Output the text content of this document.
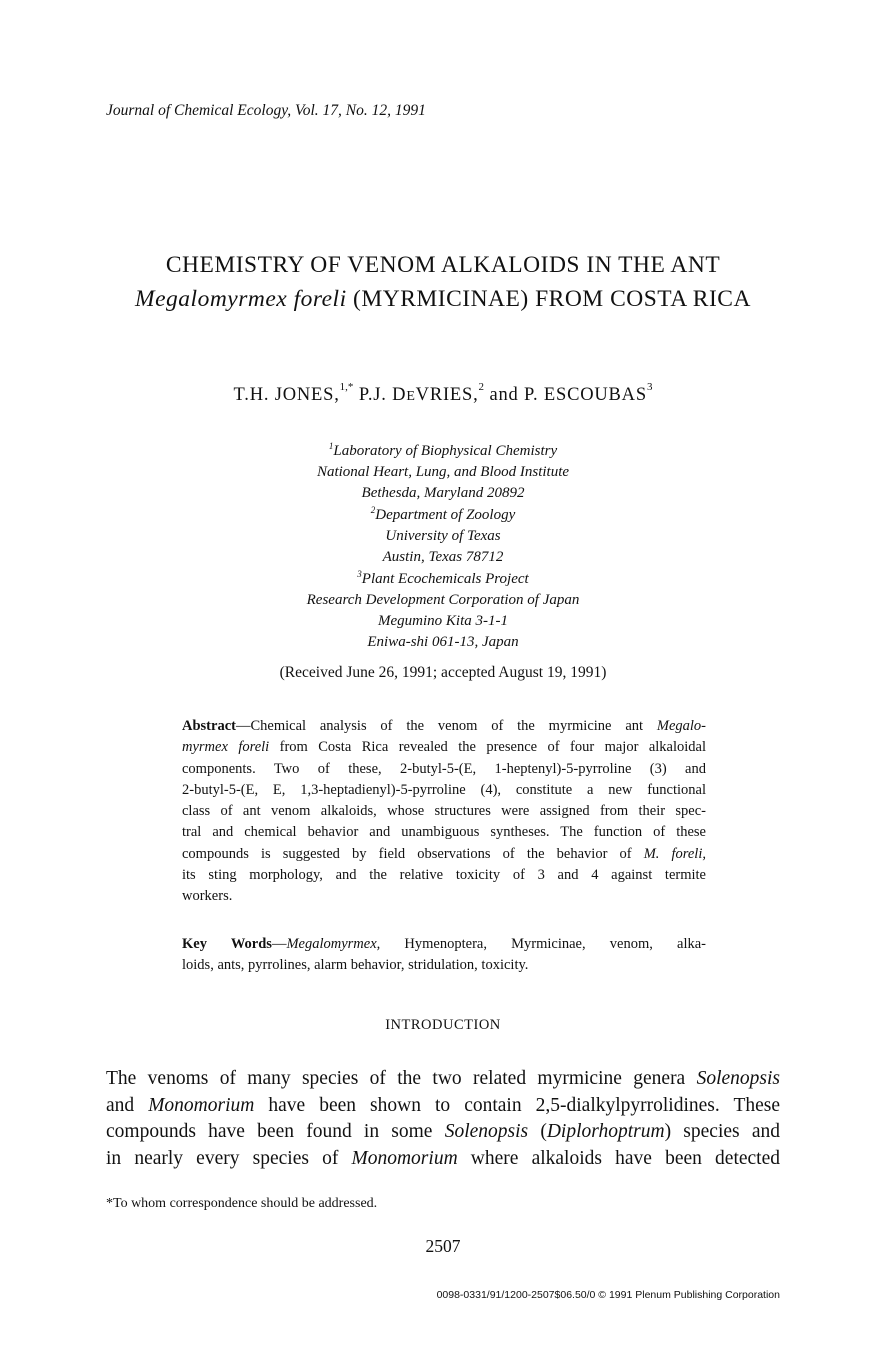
Journal of Chemical Ecology, Vol. 17, No. 12, 1991
CHEMISTRY OF VENOM ALKALOIDS IN THE ANT
Megalomyrmex foreli (MYRMICINAE) FROM COSTA RICA
T.H. JONES,$^{1,*}$ P.J. DEVRIES,$^2$ and P. ESCOUBAS$^3$
$^1$Laboratory of Biophysical Chemistry
National Heart, Lung, and Blood Institute
Bethesda, Maryland 20892
$^2$Department of Zoology
University of Texas
Austin, Texas 78712
$^3$Plant Ecochemicals Project
Research Development Corporation of Japan
Megumino Kita 3-1-1
Eniwa-shi 061-13, Japan
(Received June 26, 1991; accepted August 19, 1991)
Abstract—Chemical analysis of the venom of the myrmicine ant Megalo-
myrmex foreli from Costa Rica revealed the presence of four major alkaloidal
components. Two of these, 2-butyl-5-(E, 1-heptenyl)-5-pyrroline (3) and
2-butyl-5-(E, E, 1,3-heptadienyl)-5-pyrroline (4), constitute a new functional
class of ant venom alkaloids, whose structures were assigned from their spec-
tral and chemical behavior and unambiguous syntheses. The function of these
compounds is suggested by field observations of the behavior of M. foreli,
its sting morphology, and the relative toxicity of 3 and 4 against termite
workers.
Key Words—Megalomyrmex, Hymenoptera, Myrmicinae, venom, alka-
loids, ants, pyrrolines, alarm behavior, stridulation, toxicity.
INTRODUCTION
The venoms of many species of the two related myrmicine genera Solenopsis
and Monomorium have been shown to contain 2,5-dialkylpyrrolidines. These
compounds have been found in some Solenopsis (Diplorhoptrum) species and
in nearly every species of Monomorium where alkaloids have been detected
*To whom correspondence should be addressed.
2507
0098-0331/91/1200-2507$06.50/0 © 1991 Plenum Publishing Corporation
